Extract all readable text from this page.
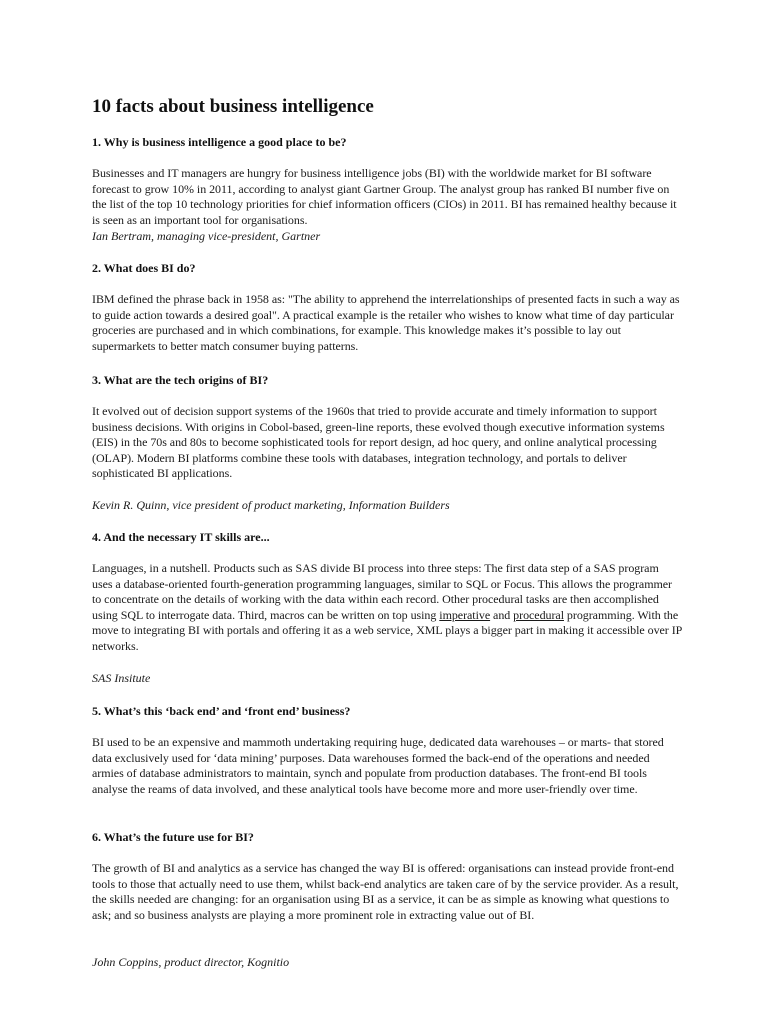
10 facts about business intelligence

1. Why is business intelligence a good place to be?

Businesses and IT managers are hungry for business intelligence jobs (BI) with the worldwide market for BI software forecast to grow 10% in 2011, according to analyst giant Gartner Group. The analyst group has ranked BI number five on the list of the top 10 technology priorities for chief information officers (CIOs) in 2011. BI has remained healthy because it is seen as an important tool for organisations.

Ian Bertram, managing vice-president, Gartner

2. What does BI do?

IBM defined the phrase back in 1958 as: "The ability to apprehend the interrelationships of presented facts in such a way as to guide action towards a desired goal". A practical example is the retailer who wishes to know what time of day particular groceries are purchased and in which combinations, for example. This knowledge makes it’s possible to lay out supermarkets to better match consumer buying patterns.

3. What are the tech origins of BI?

It evolved out of decision support systems of the 1960s that tried to provide accurate and timely information to support business decisions. With origins in Cobol-based, green-line reports, these evolved though executive information systems (EIS) in the 70s and 80s to become sophisticated tools for report design, ad hoc query, and online analytical processing (OLAP). Modern BI platforms combine these tools with databases, integration technology, and portals to deliver sophisticated BI applications.

Kevin R. Quinn, vice president of product marketing, Information Builders

4. And the necessary IT skills are...

Languages, in a nutshell. Products such as SAS divide BI process into three steps: The first data step of a SAS program uses a database-oriented fourth-generation programming languages, similar to SQL or Focus. This allows the programmer to concentrate on the details of working with the data within each record. Other procedural tasks are then accomplished using SQL to interrogate data. Third, macros can be written on top using imperative and procedural programming. With the move to integrating BI with portals and offering it as a web service, XML plays a bigger part in making it accessible over IP networks.

SAS Insitute

5. What’s this ‘back end’ and ‘front end’ business?

BI used to be an expensive and mammoth undertaking requiring huge, dedicated data warehouses – or marts- that stored data exclusively used for ‘data mining’ purposes. Data warehouses formed the back-end of the operations and needed armies of database administrators to maintain, synch and populate from production databases. The front-end BI tools analyse the reams of data involved, and these analytical tools have become more and more user-friendly over time.

6. What’s the future use for BI?

The growth of BI and analytics as a service has changed the way BI is offered: organisations can instead provide front-end tools to those that actually need to use them, whilst back-end analytics are taken care of by the service provider. As a result, the skills needed are changing: for an organisation using BI as a service, it can be as simple as knowing what questions to ask; and so business analysts are playing a more prominent role in extracting value out of BI.

John Coppins, product director, Kognitio
